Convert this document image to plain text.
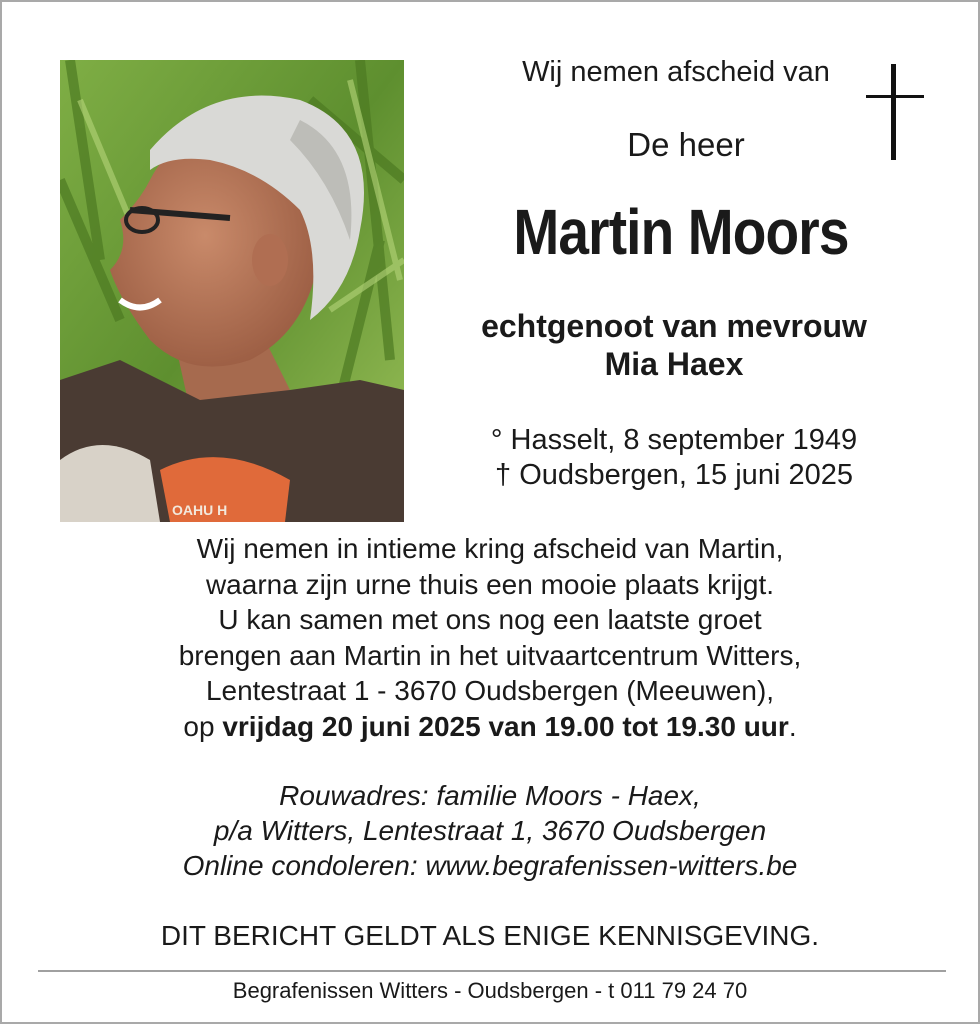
OAHU H
Wij nemen afscheid van
De heer
Martin Moors
echtgenoot van mevrouw
Mia Haex
° Hasselt, 8 september 1949
† Oudsbergen, 15 juni 2025
Wij nemen in intieme kring afscheid van Martin,
waarna zijn urne thuis een mooie plaats krijgt.
U kan samen met ons nog een laatste groet
brengen aan Martin in het uitvaartcentrum Witters,
Lentestraat 1 - 3670 Oudsbergen (Meeuwen),
op vrijdag 20 juni 2025 van 19.00 tot 19.30 uur.
Rouwadres: familie Moors - Haex,
p/a Witters, Lentestraat 1, 3670 Oudsbergen
Online condoleren: www.begrafenissen-witters.be
DIT BERICHT GELDT ALS ENIGE KENNISGEVING.
Begrafenissen Witters - Oudsbergen - t 011 79 24 70
